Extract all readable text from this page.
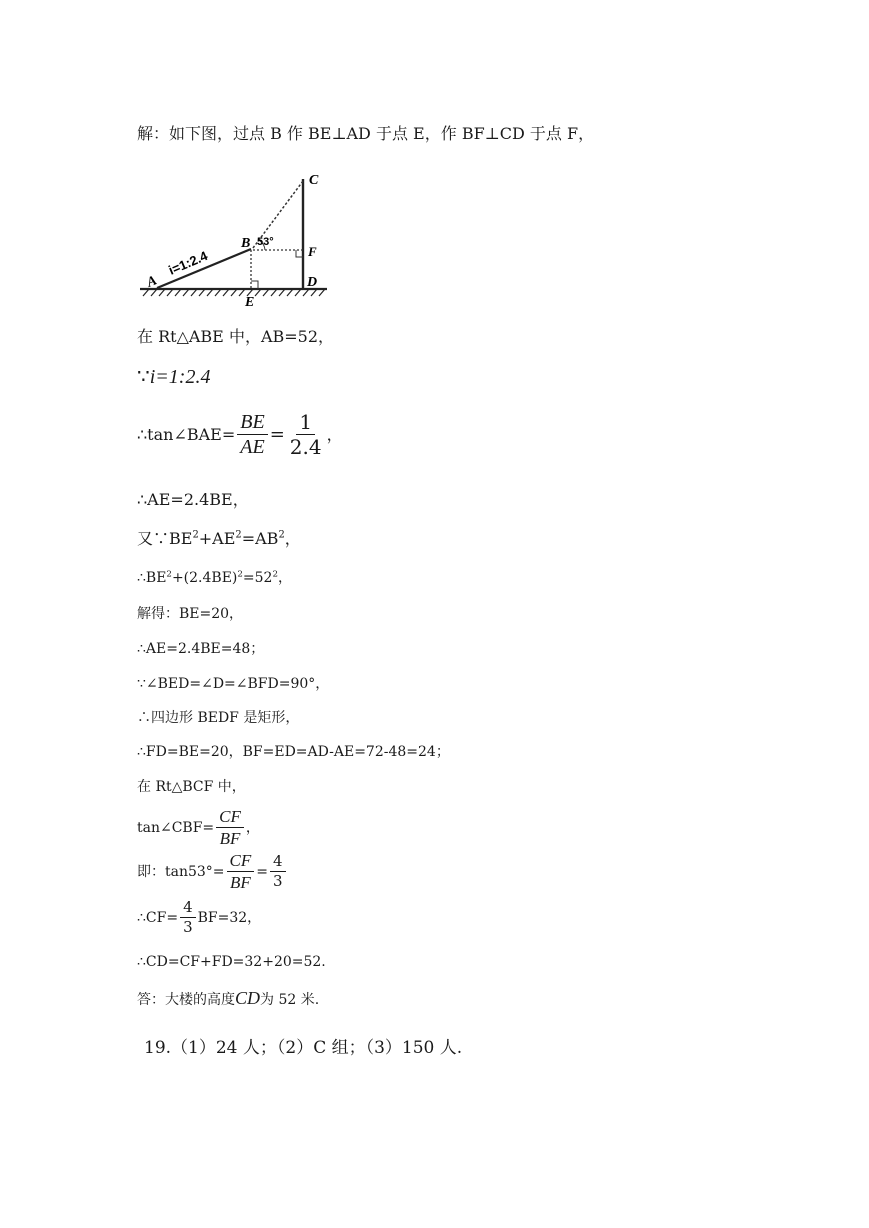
解：如下图，过点 B 作 BE⊥AD 于点 E，作 BF⊥CD 于点 F，
A
B
C
D
E
F
i=1:2.4
53°
在 Rt△ABE 中，AB=52，
∵i=1:2.4
∴tan∠BAE= $\frac{BE}{AE} = \frac{1}{2.4}$ ，
∴AE=2.4BE，
又$\because BE^2+AE^2=AB^2$，
$\therefore BE^2+(2.4BE)^2=52^2$，
解得：BE=20，
∴AE=2.4BE=48；
∵∠BED=∠D=∠BFD=90°，
∴四边形 BEDF 是矩形，
∴FD=BE=20，BF=ED=AD-AE=72-48=24；
在 Rt△BCF 中，
tan∠CBF= $\frac{CF}{BF}$ ，
即：$\tan 53^\circ= \frac{CF}{BF} = \frac{4}{3}$
∴CF= $\frac{4}{3} BF=32$，
∴CD=CF+FD=32+20=52.
答：大楼的高度CD为 52 米.
19.（1）24 人；（2）C 组；（3）150 人.
